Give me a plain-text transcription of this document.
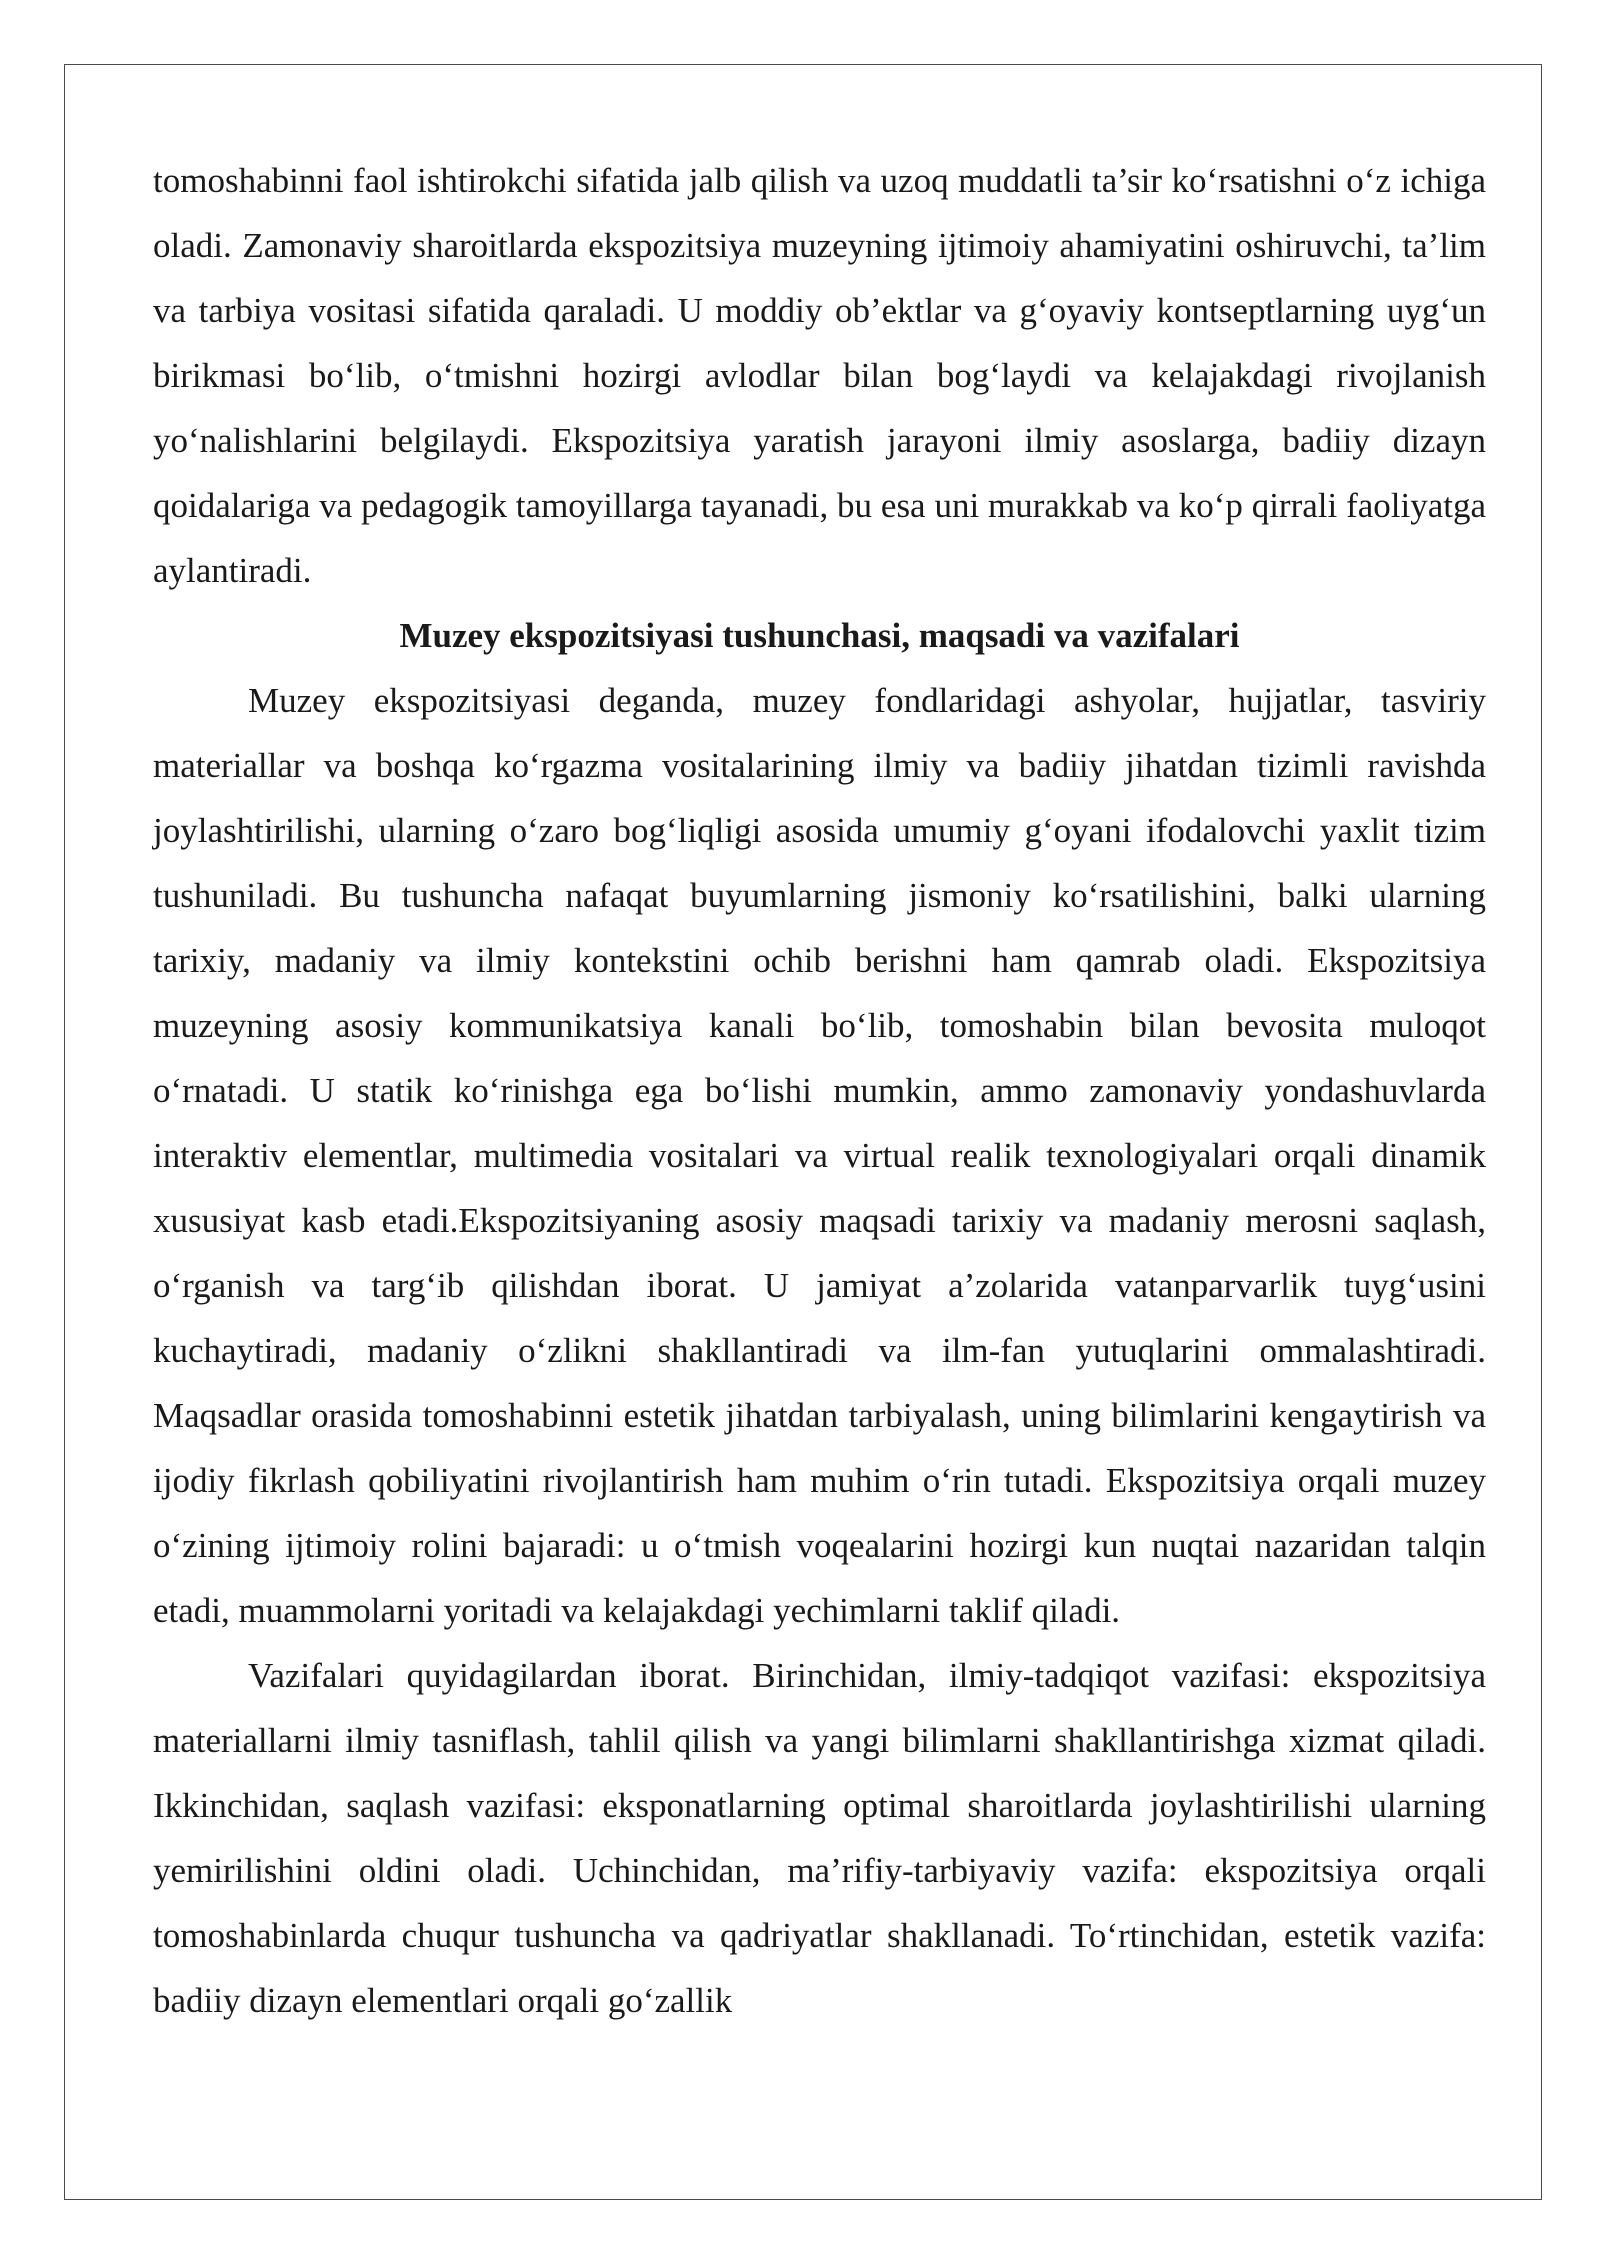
tomoshabinni faol ishtirokchi sifatida jalb qilish va uzoq muddatli ta’sir ko‘rsatishni o‘z ichiga oladi. Zamonaviy sharoitlarda ekspozitsiya muzeyning ijtimoiy ahamiyatini oshiruvchi, ta’lim va tarbiya vositasi sifatida qaraladi. U moddiy ob’ektlar va g‘oyaviy kontseptlarning uyg‘un birikmasi bo‘lib, o‘tmishni hozirgi avlodlar bilan bog‘laydi va kelajakdagi rivojlanish yo‘nalishlarini belgilaydi. Ekspozitsiya yaratish jarayoni ilmiy asoslarga, badiiy dizayn qoidalariga va pedagogik tamoyillarga tayanadi, bu esa uni murakkab va ko‘p qirrali faoliyatga aylantiradi.

Muzey ekspozitsiyasi tushunchasi, maqsadi va vazifalari

Muzey ekspozitsiyasi deganda, muzey fondlaridagi ashyolar, hujjatlar, tasviriy materiallar va boshqa ko‘rgazma vositalarining ilmiy va badiiy jihatdan tizimli ravishda joylashtirilishi, ularning o‘zaro bog‘liqligi asosida umumiy g‘oyani ifodalovchi yaxlit tizim tushuniladi. Bu tushuncha nafaqat buyumlarning jismoniy ko‘rsatilishini, balki ularning tarixiy, madaniy va ilmiy kontekstini ochib berishni ham qamrab oladi. Ekspozitsiya muzeyning asosiy kommunikatsiya kanali bo‘lib, tomoshabin bilan bevosita muloqot o‘rnatadi. U statik ko‘rinishga ega bo‘lishi mumkin, ammo zamonaviy yondashuvlarda interaktiv elementlar, multimedia vositalari va virtual realik texnologiyalari orqali dinamik xususiyat kasb etadi.Ekspozitsiyaning asosiy maqsadi tarixiy va madaniy merosni saqlash, o‘rganish va targ‘ib qilishdan iborat. U jamiyat a’zolarida vatanparvarlik tuyg‘usini kuchaytiradi, madaniy o‘zlikni shakllantiradi va ilm-fan yutuqlarini ommalashtiradi. Maqsadlar orasida tomoshabinni estetik jihatdan tarbiyalash, uning bilimlarini kengaytirish va ijodiy fikrlash qobiliyatini rivojlantirish ham muhim o‘rin tutadi. Ekspozitsiya orqali muzey o‘zining ijtimoiy rolini bajaradi: u o‘tmish voqealarini hozirgi kun nuqtai nazaridan talqin etadi, muammolarni yoritadi va kelajakdagi yechimlarni taklif qiladi.

Vazifalari quyidagilardan iborat. Birinchidan, ilmiy-tadqiqot vazifasi: ekspozitsiya materiallarni ilmiy tasniflash, tahlil qilish va yangi bilimlarni shakllantirishga xizmat qiladi. Ikkinchidan, saqlash vazifasi: eksponatlarning optimal sharoitlarda joylashtirilishi ularning yemirilishini oldini oladi. Uchinchidan, ma’rifiy-tarbiyaviy vazifa: ekspozitsiya orqali tomoshabinlarda chuqur tushuncha va qadriyatlar shakllanadi. To‘rtinchidan, estetik vazifa: badiiy dizayn elementlari orqali go‘zallik
